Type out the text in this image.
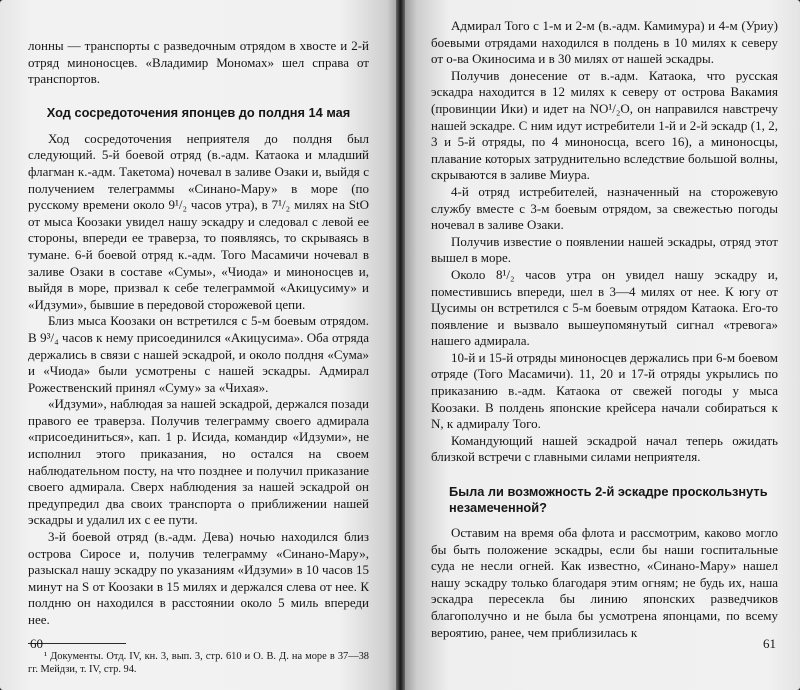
лонны — транспорты с разведочным отрядом в хвосте и 2-й отряд миноносцев. «Владимир Мономах» шел справа от транспортов.

Ход сосредоточения японцев до полдня 14 мая

Ход сосредоточения неприятеля до полдня был следующий. 5-й боевой отряд (в.-адм. Катаока и младший флагман к.-адм. Такетома) ночевал в заливе Озаки и, выйдя с получением телеграммы «Синано-Мару» в море (по русскому времени около 9¹/₂ часов утра), в 7¹/₂ милях на StO от мыса Коозаки увидел нашу эскадру и следовал с левой ее стороны, впереди ее траверза, то появляясь, то скрываясь в тумане. 6-й боевой отряд к.-адм. Того Масамичи ночевал в заливе Озаки в составе «Сумы», «Чиода» и миноносцев и, выйдя в море, призвал к себе телеграммой «Акицусиму» и «Идзуми», бывшие в передовой сторожевой цепи.

Близ мыса Коозаки он встретился с 5-м боевым отрядом. В 9³/₄ часов к нему присоединился «Акицусима». Оба отряда держались в связи с нашей эскадрой, и около полдня «Сума» и «Чиода» были усмотрены с нашей эскадры. Адмирал Рожественский принял «Суму» за «Чихая».

«Идзуми», наблюдая за нашей эскадрой, держался позади правого ее траверза. Получив телеграмму своего адмирала «присоединиться», кап. 1 р. Исида, командир «Идзуми», не исполнил этого приказания, но остался на своем наблюдательном посту, на что позднее и получил приказание своего адмирала. Сверх наблюдения за нашей эскадрой он предупредил два своих транспорта о приближении нашей эскадры и удалил их с ее пути.

3-й боевой отряд (в.-адм. Дева) ночью находился близ острова Сиросе и, получив телеграмму «Синано-Мару», разыскал нашу эскадру по указаниям «Идзуми» в 10 часов 15 минут на S от Коозаки в 15 милях и держался слева от нее. К полдню он находился в расстоянии около 5 миль впереди нее.

¹ Документы. Отд. IV, кн. 3, вып. 3, стр. 610 и О. В. Д. на море в 37—38 гг. Мейдзи, т. IV, стр. 94.

60

Адмирал Того с 1-м и 2-м (в.-адм. Камимура) и 4-м (Уриу) боевыми отрядами находился в полдень в 10 милях к северу от о-ва Окиносима и в 30 милях от нашей эскадры.

Получив донесение от в.-адм. Катаока, что русская эскадра находится в 12 милях к северу от острова Вакамия (провинции Ики) и идет на NO¹/₂O, он направился навстречу нашей эскадре. С ним идут истребители 1-й и 2-й эскадр (1, 2, 3 и 5-й отряды, по 4 миноносца, всего 16), а миноносцы, плавание которых затруднительно вследствие большой волны, скрываются в заливе Миура.

4-й отряд истребителей, назначенный на сторожевую службу вместе с 3-м боевым отрядом, за свежестью погоды ночевал в заливе Озаки.

Получив известие о появлении нашей эскадры, отряд этот вышел в море.

Около 8¹/₂ часов утра он увидел нашу эскадру и, поместившись впереди, шел в 3—4 милях от нее. К югу от Цусимы он встретился с 5-м боевым отрядом Катаока. Его-то появление и вызвало вышеупомянутый сигнал «тревога» нашего адмирала.

10-й и 15-й отряды миноносцев держались при 6-м боевом отряде (Того Масамичи). 11, 20 и 17-й отряды укрылись по приказанию в.-адм. Катаока от свежей погоды у мыса Коозаки. В полдень японские крейсера начали собираться к N, к адмиралу Того.

Командующий нашей эскадрой начал теперь ожидать близкой встречи с главными силами неприятеля.

Была ли возможность 2-й эскадре проскользнуть незамеченной?

Оставим на время оба флота и рассмотрим, каково могло бы быть положение эскадры, если бы наши госпитальные суда не несли огней. Как известно, «Синано-Мару» нашел нашу эскадру только благодаря этим огням; не будь их, наша эскадра пересекла бы линию японских разведчиков благополучно и не была бы усмотрена японцами, по всему вероятию, ранее, чем приблизилась к

61
